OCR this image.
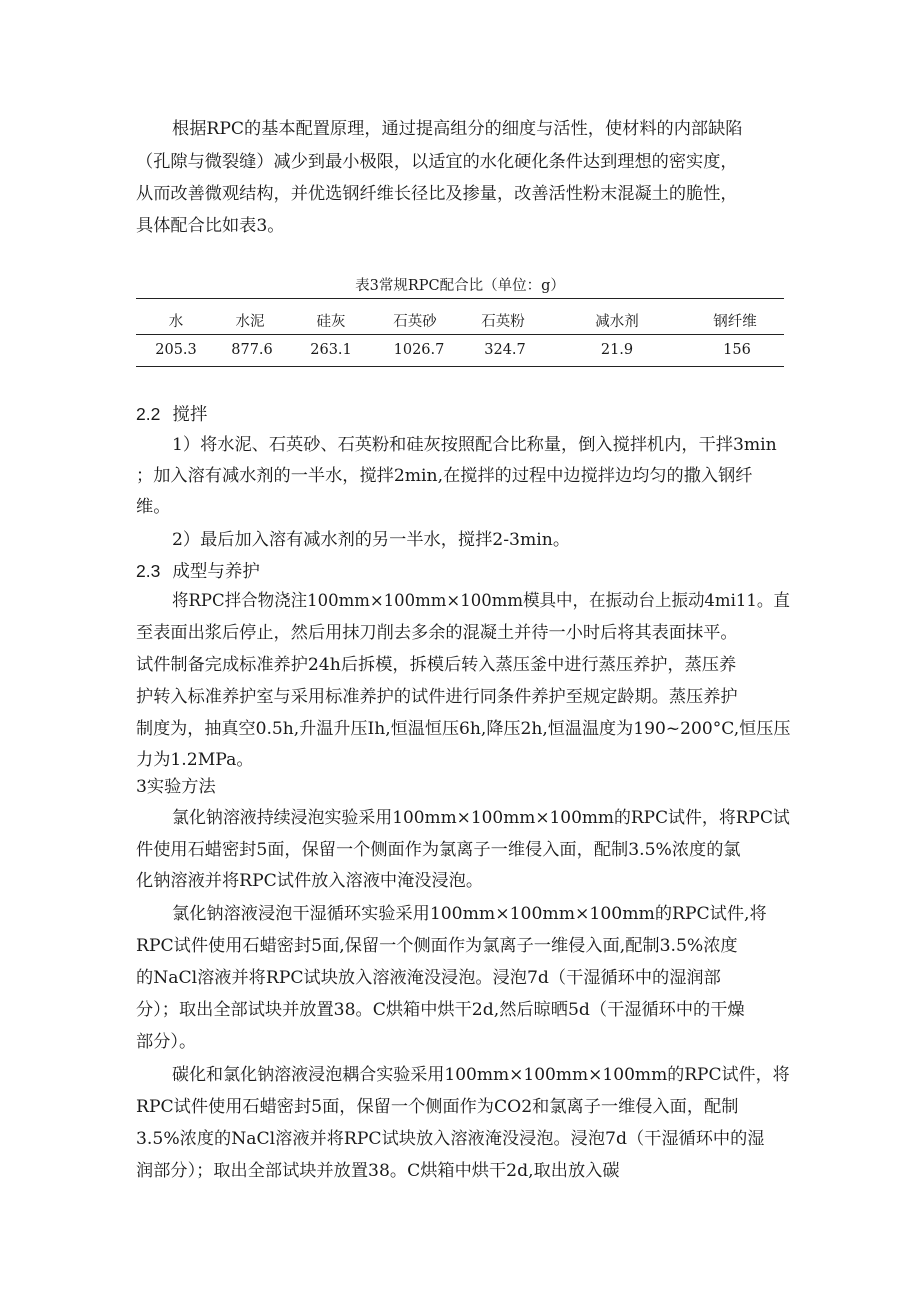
根据RPC的基本配置原理，通过提高组分的细度与活性，使材料的内部缺陷
（孔隙与微裂缝）减少到最小极限，以适宜的水化硬化条件达到理想的密实度，
从而改善微观结构，并优选钢纤维长径比及掺量，改善活性粉末混凝土的脆性，
具体配合比如表3。
表3常规RPC配合比（单位：g）
水	水泥	硅灰	石英砂	石英粉	减水剂	钢纤维
205.3 877.6	263.1	1026.7	324.7	21.9	156
2.2 搅拌
1）将水泥、石英砂、石英粉和硅灰按照配合比称量，倒入搅拌机内，干拌3min
；加入溶有减水剂的一半水，搅拌2min,在搅拌的过程中边搅拌边均匀的撒入钢纤
维。
2）最后加入溶有减水剂的另一半水，搅拌2-3min。
2.3 成型与养护
将RPC拌合物浇注100mm×100mm×100mm模具中，在振动台上振动4mi11。直
至表面出浆后停止，然后用抹刀削去多余的混凝土并待一小时后将其表面抹平。
试件制备完成标准养护24h后拆模，拆模后转入蒸压釜中进行蒸压养护，蒸压养
护转入标准养护室与采用标准养护的试件进行同条件养护至规定龄期。蒸压养护
制度为，抽真空0.5h,升温升压Ih,恒温恒压6h,降压2h,恒温温度为190~200°C,恒压压
力为1.2MPa。
3实验方法
氯化钠溶液持续浸泡实验采用100mm×100mm×100mm的RPC试件，将RPC试
件使用石蜡密封5面，保留一个侧面作为氯离子一维侵入面，配制3.5%浓度的氯
化钠溶液并将RPC试件放入溶液中淹没浸泡。
氯化钠溶液浸泡干湿循环实验采用100mm×100mm×100mm的RPC试件,将
RPC试件使用石蜡密封5面,保留一个侧面作为氯离子一维侵入面,配制3.5%浓度
的NaCl溶液并将RPC试块放入溶液淹没浸泡。浸泡7d（干湿循环中的湿润部
分）；取出全部试块并放置38。C烘箱中烘干2d,然后晾晒5d（干湿循环中的干燥
部分）。
碳化和氯化钠溶液浸泡耦合实验采用100mm×100mm×100mm的RPC试件，将
RPC试件使用石蜡密封5面，保留一个侧面作为CO2和氯离子一维侵入面，配制
3.5%浓度的NaCl溶液并将RPC试块放入溶液淹没浸泡。浸泡7d（干湿循环中的湿
润部分）；取出全部试块并放置38。C烘箱中烘干2d,取出放入碳
